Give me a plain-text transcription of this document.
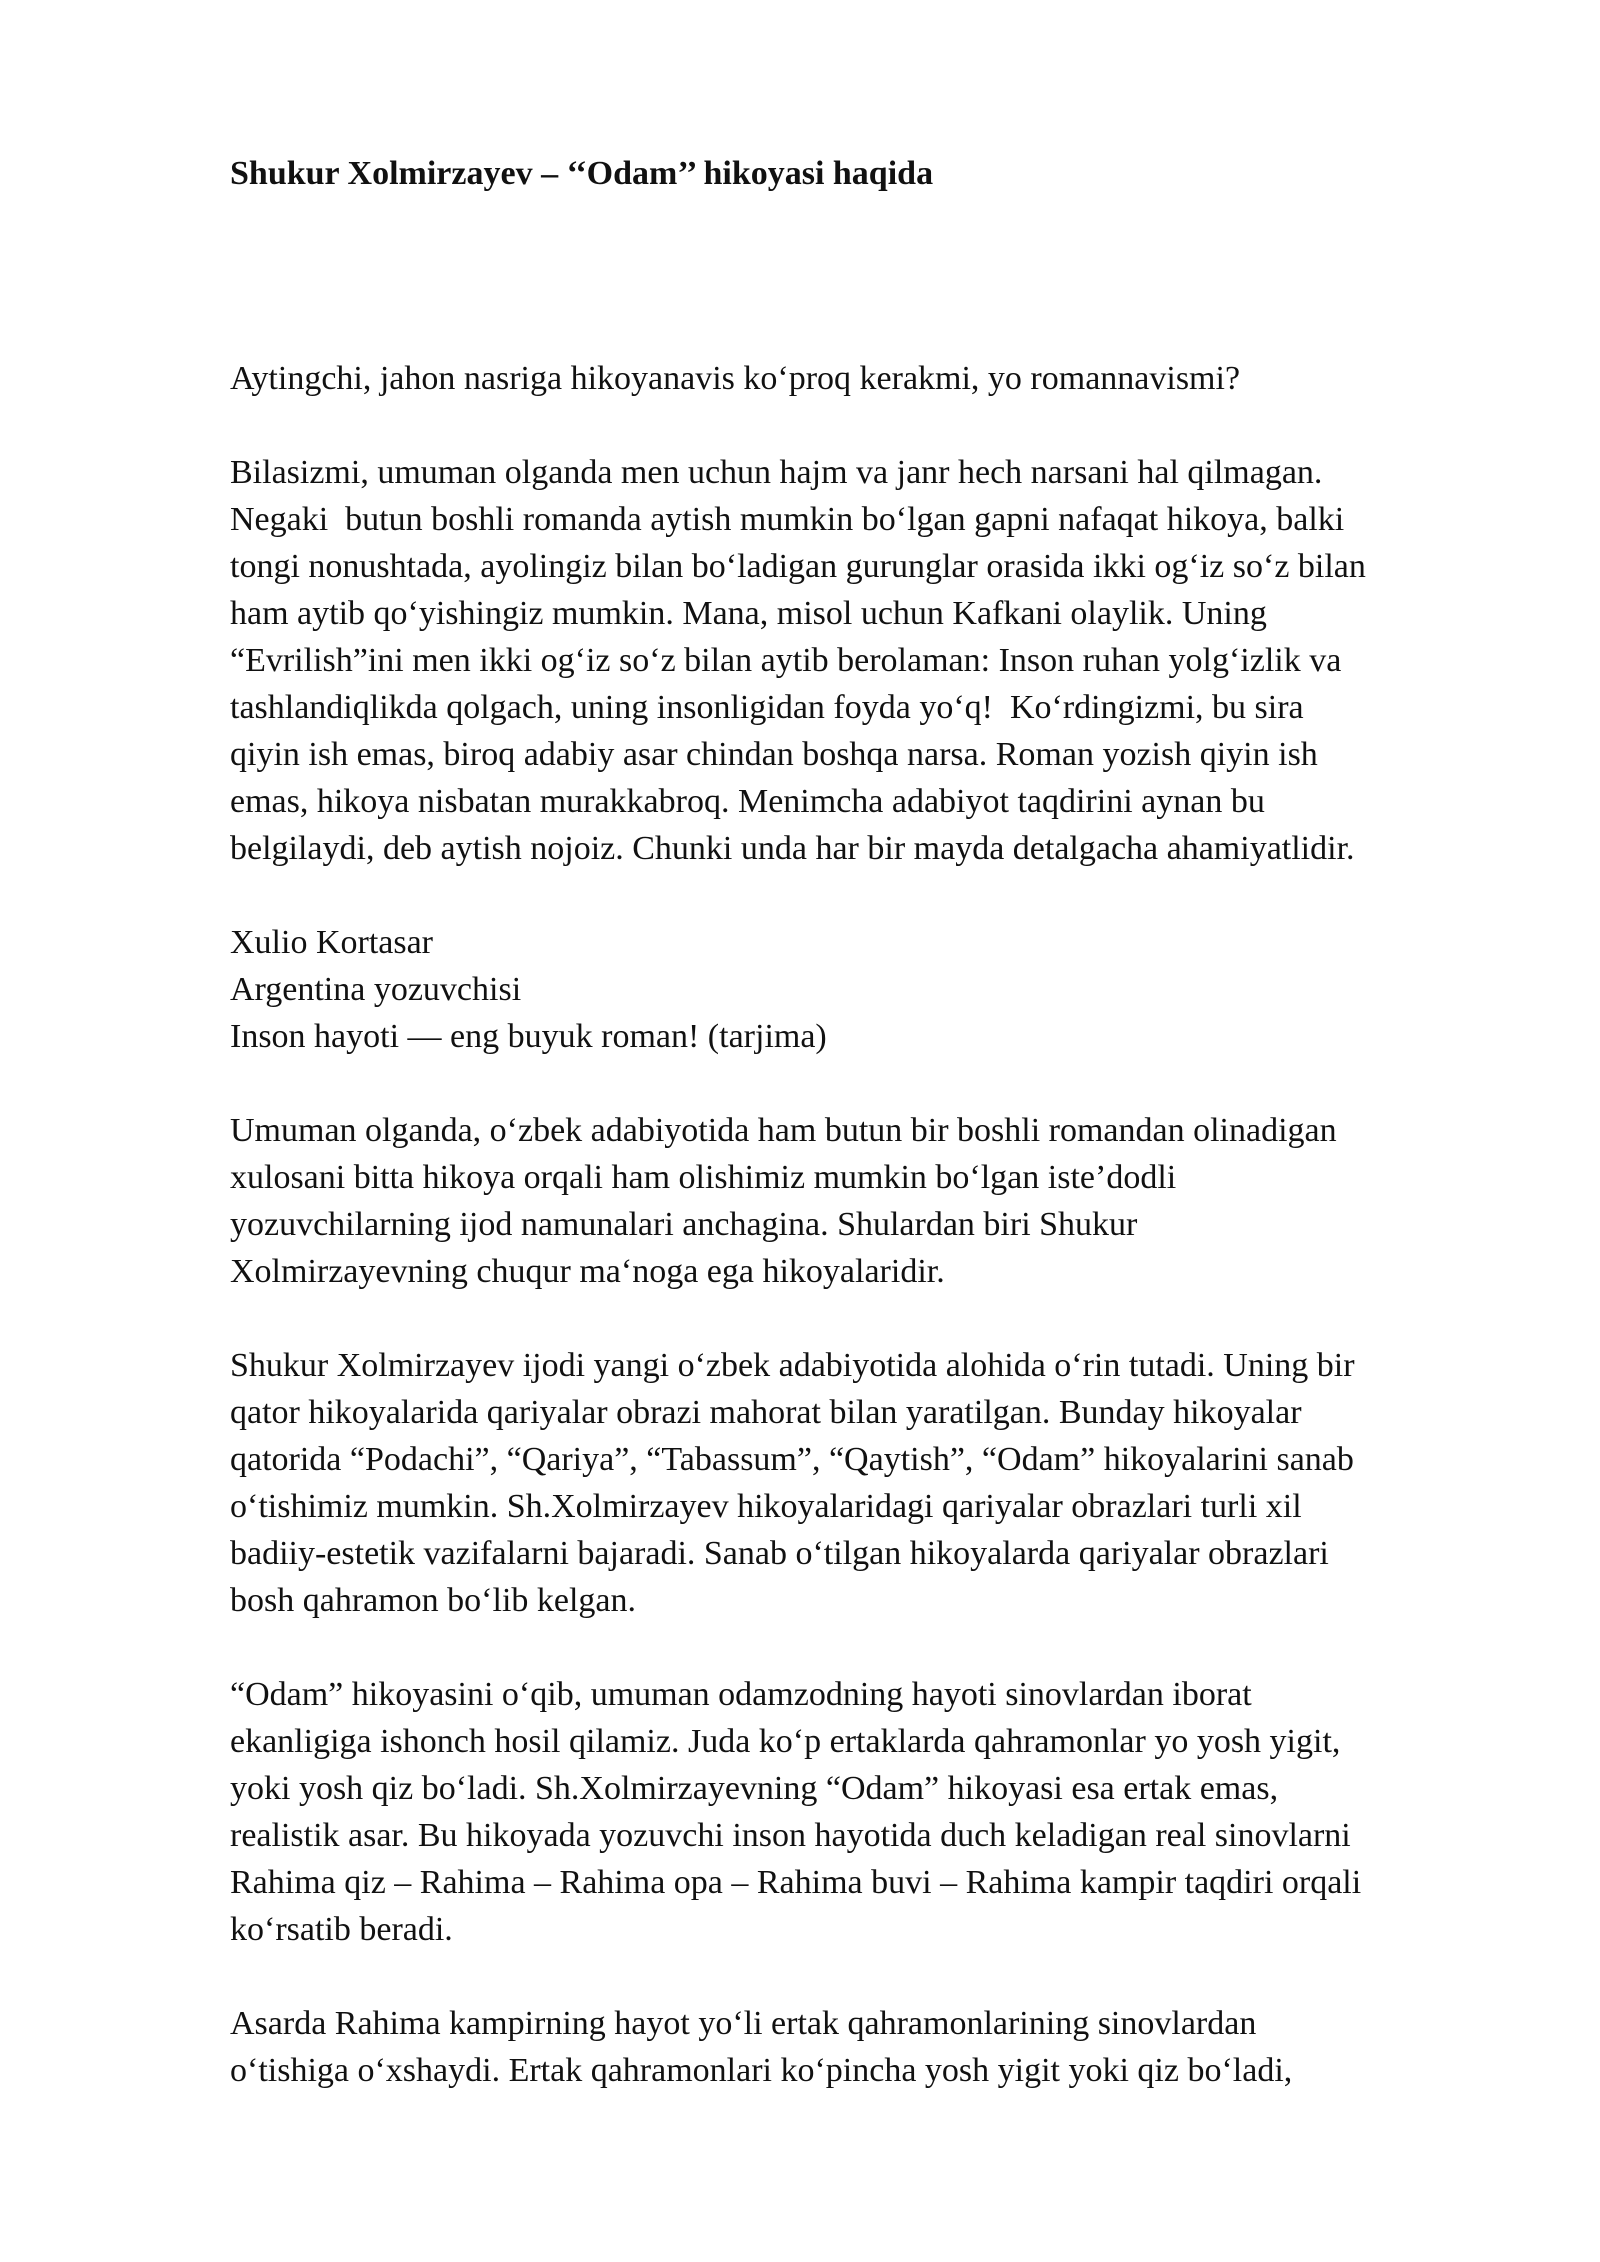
Shukur Xolmirzayev – ‘‘Odam’’ hikoyasi haqida

Aytingchi, jahon nasriga hikoyanavis ko‘proq kerakmi, yo romannavismi?

Bilasizmi, umuman olganda men uchun hajm va janr hech narsani hal qilmagan.
Negaki  butun boshli romanda aytish mumkin bo‘lgan gapni nafaqat hikoya, balki
tongi nonushtada, ayolingiz bilan bo‘ladigan gurunglar orasida ikki og‘iz so‘z bilan
ham aytib qo‘yishingiz mumkin. Mana, misol uchun Kafkani olaylik. Uning
“Evrilish”ini men ikki og‘iz so‘z bilan aytib berolaman: Inson ruhan yolg‘izlik va
tashlandiqlikda qolgach, uning insonligidan foyda yo‘q!  Ko‘rdingizmi, bu sira
qiyin ish emas, biroq adabiy asar chindan boshqa narsa. Roman yozish qiyin ish
emas, hikoya nisbatan murakkabroq. Menimcha adabiyot taqdirini aynan bu
belgilaydi, deb aytish nojoiz. Chunki unda har bir mayda detalgacha ahamiyatlidir.

Xulio Kortasar
Argentina yozuvchisi
Inson hayoti — eng buyuk roman! (tarjima)

Umuman olganda, o‘zbek adabiyotida ham butun bir boshli romandan olinadigan
xulosani bitta hikoya orqali ham olishimiz mumkin bo‘lgan iste’dodli
yozuvchilarning ijod namunalari anchagina. Shulardan biri Shukur
Xolmirzayevning chuqur ma‘noga ega hikoyalaridir.

Shukur Xolmirzayev ijodi yangi o‘zbek adabiyotida alohida o‘rin tutadi. Uning bir
qator hikoyalarida qariyalar obrazi mahorat bilan yaratilgan. Bunday hikoyalar
qatorida “Podachi”, “Qariya”, “Tabassum”, “Qaytish”, “Odam” hikoyalarini sanab
o‘tishimiz mumkin. Sh.Xolmirzayev hikoyalaridagi qariyalar obrazlari turli xil
badiiy-estetik vazifalarni bajaradi. Sanab o‘tilgan hikoyalarda qariyalar obrazlari
bosh qahramon bo‘lib kelgan.

“Odam” hikoyasini o‘qib, umuman odamzodning hayoti sinovlardan iborat
ekanligiga ishonch hosil qilamiz. Juda ko‘p ertaklarda qahramonlar yo yosh yigit,
yoki yosh qiz bo‘ladi. Sh.Xolmirzayevning “Odam” hikoyasi esa ertak emas,
realistik asar. Bu hikoyada yozuvchi inson hayotida duch keladigan real sinovlarni
Rahima qiz – Rahima – Rahima opa – Rahima buvi – Rahima kampir taqdiri orqali
ko‘rsatib beradi.

Asarda Rahima kampirning hayot yo‘li ertak qahramonlarining sinovlardan
o‘tishiga o‘xshaydi. Ertak qahramonlari ko‘pincha yosh yigit yoki qiz bo‘ladi,
